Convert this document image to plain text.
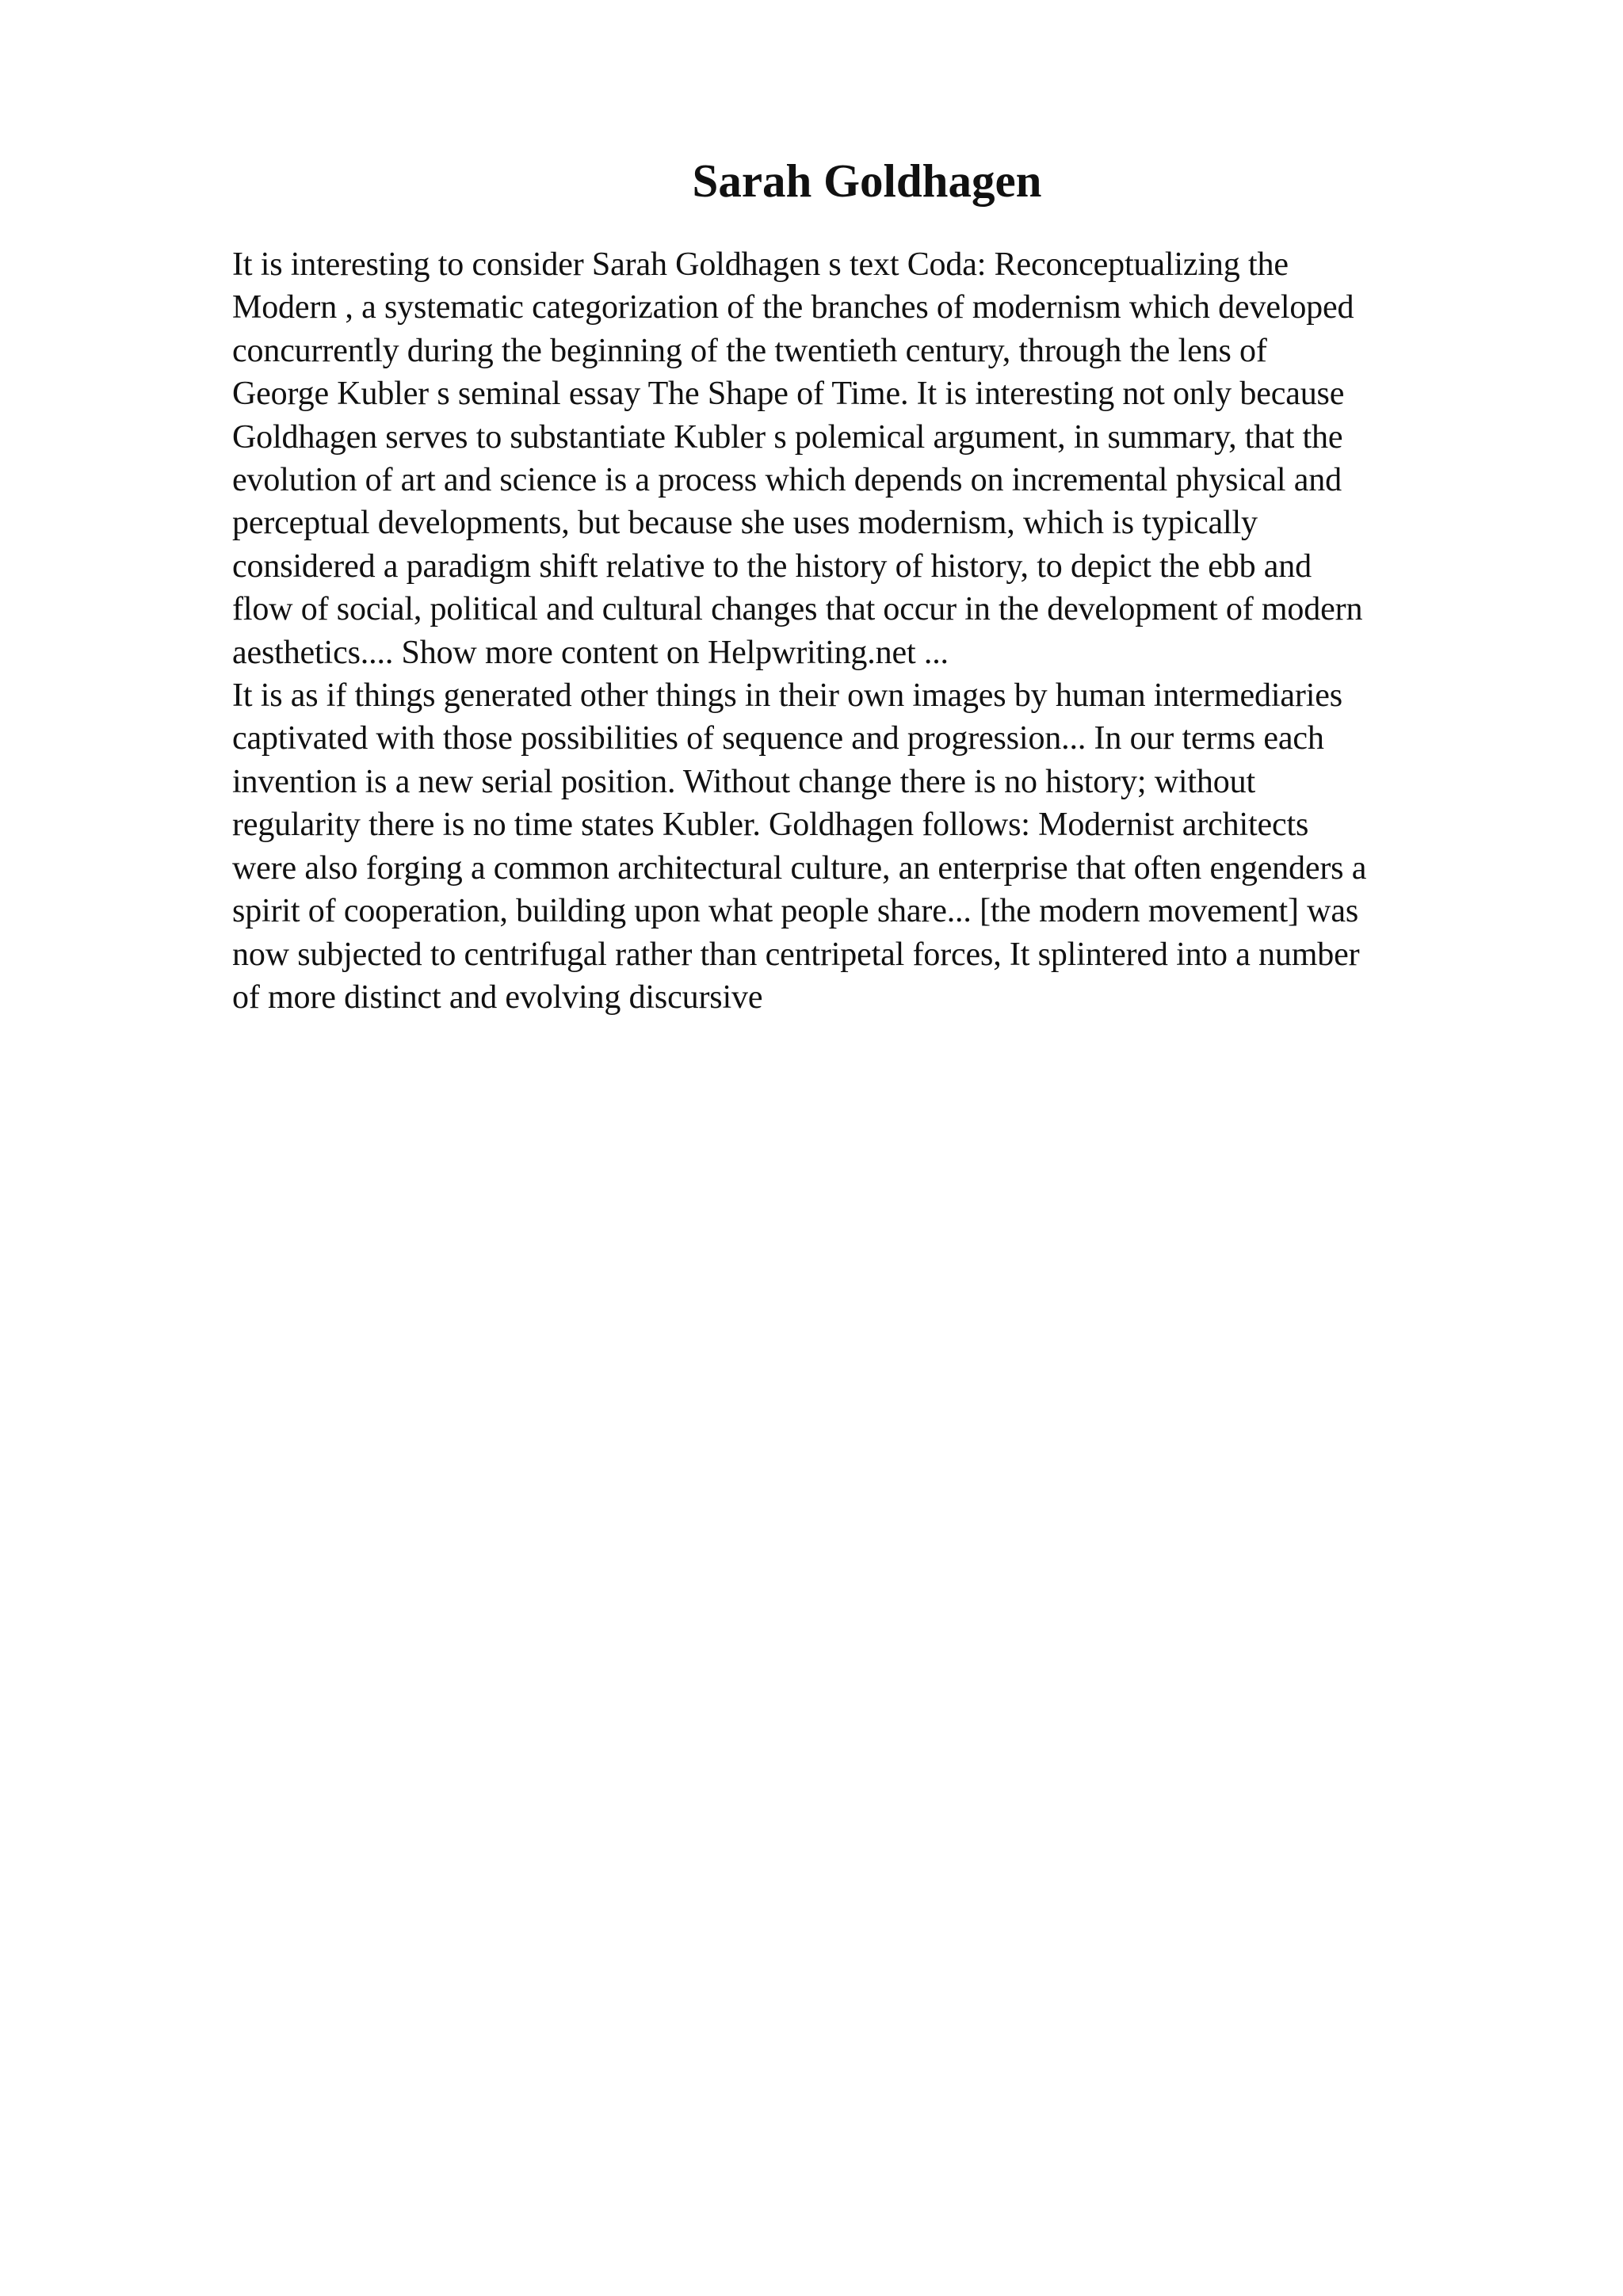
Sarah Goldhagen
It is interesting to consider Sarah Goldhagen s text Coda: Reconceptualizing the
Modern , a systematic categorization of the branches of modernism which developed
concurrently during the beginning of the twentieth century, through the lens of
George Kubler s seminal essay The Shape of Time. It is interesting not only because
Goldhagen serves to substantiate Kubler s polemical argument, in summary, that the
evolution of art and science is a process which depends on incremental physical and
perceptual developments, but because she uses modernism, which is typically
considered a paradigm shift relative to the history of history, to depict the ebb and
flow of social, political and cultural changes that occur in the development of modern
aesthetics.... Show more content on Helpwriting.net ...
It is as if things generated other things in their own images by human intermediaries
captivated with those possibilities of sequence and progression... In our terms each
invention is a new serial position. Without change there is no history; without
regularity there is no time states Kubler. Goldhagen follows: Modernist architects
were also forging a common architectural culture, an enterprise that often engenders a
spirit of cooperation, building upon what people share... [the modern movement] was
now subjected to centrifugal rather than centripetal forces, It splintered into a number
of more distinct and evolving discursive
